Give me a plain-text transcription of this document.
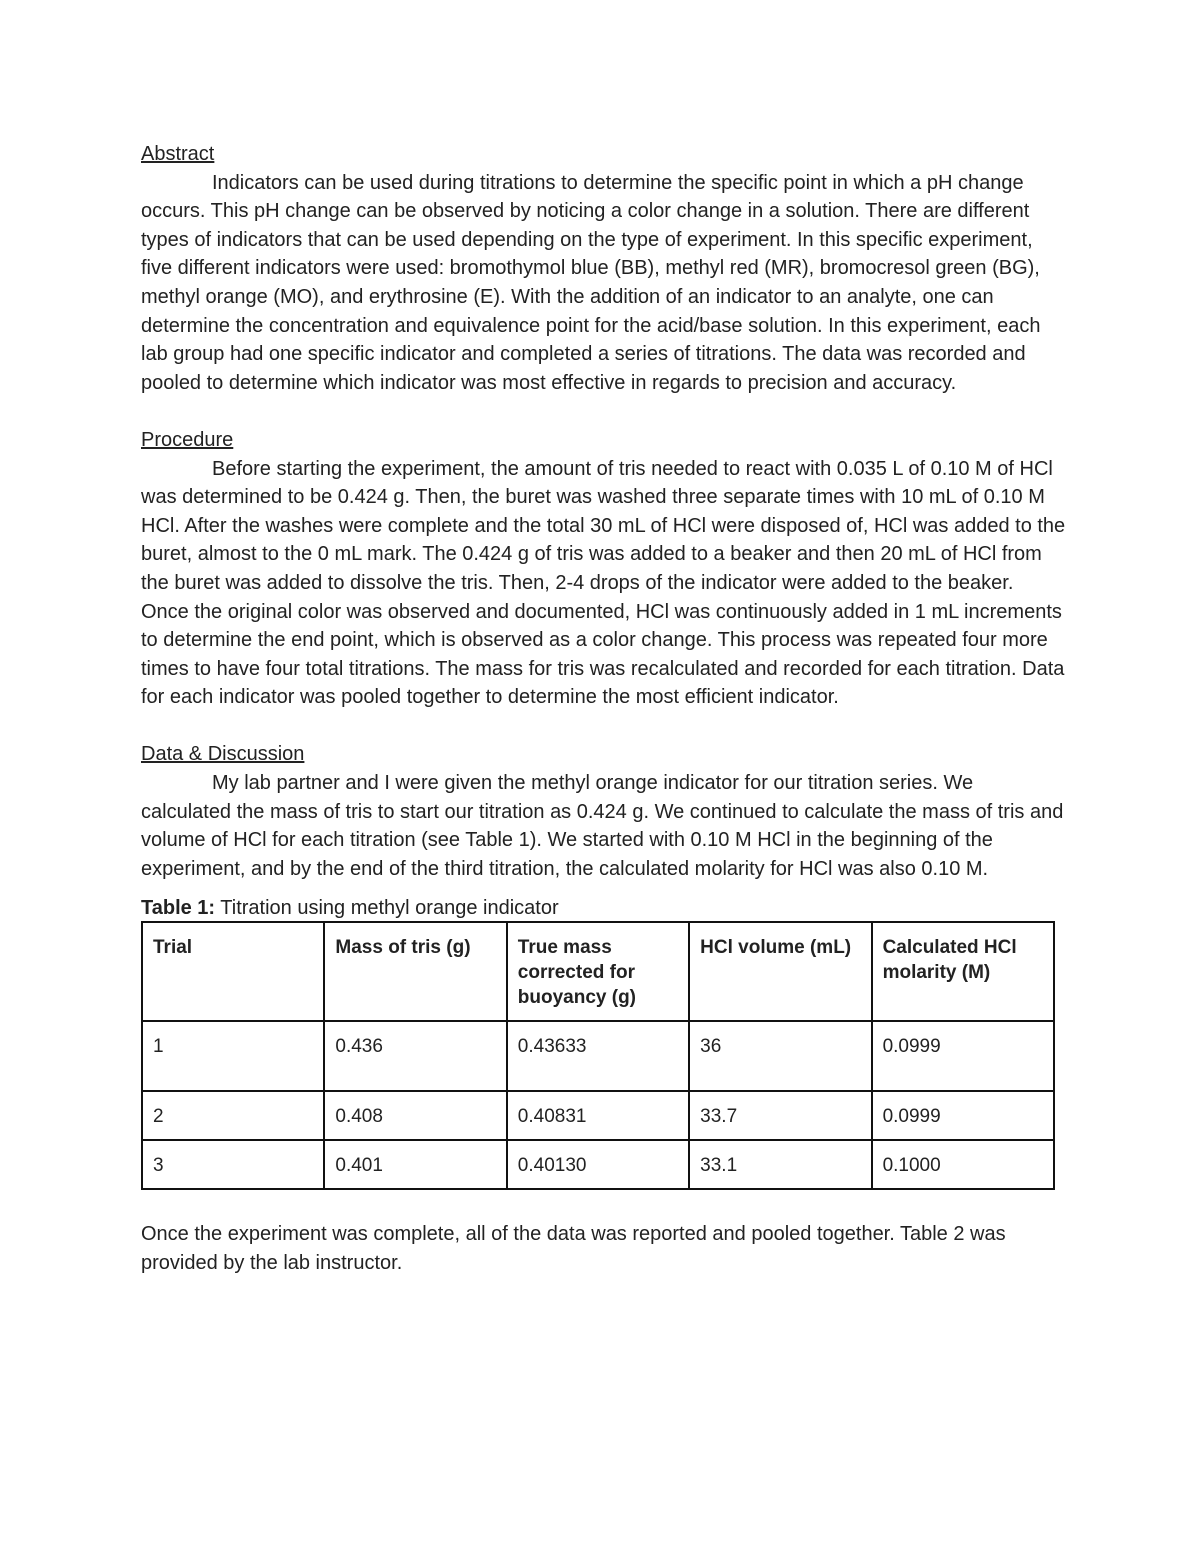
Abstract

Indicators can be used during titrations to determine the specific point in which a pH change occurs. This pH change can be observed by noticing a color change in a solution. There are different types of indicators that can be used depending on the type of experiment. In this specific experiment, five different indicators were used: bromothymol blue (BB), methyl red (MR), bromocresol green (BG), methyl orange (MO), and erythrosine (E). With the addition of an indicator to an analyte, one can determine the concentration and equivalence point for the acid/base solution. In this experiment, each lab group had one specific indicator and completed a series of titrations. The data was recorded and pooled to determine which indicator was most effective in regards to precision and accuracy.

Procedure

Before starting the experiment, the amount of tris needed to react with 0.035 L of 0.10 M of HCl was determined to be 0.424 g. Then, the buret was washed three separate times with 10 mL of 0.10 M HCl. After the washes were complete and the total 30 mL of HCl were disposed of, HCl was added to the buret, almost to the 0 mL mark. The 0.424 g of tris was added to a beaker and then 20 mL of HCl from the buret was added to dissolve the tris. Then, 2-4 drops of the indicator were added to the beaker. Once the original color was observed and documented, HCl was continuously added in 1 mL increments to determine the end point, which is observed as a color change. This process was repeated four more times to have four total titrations. The mass for tris was recalculated and recorded for each titration. Data for each indicator was pooled together to determine the most efficient indicator.

Data & Discussion

My lab partner and I were given the methyl orange indicator for our titration series. We calculated the mass of tris to start our titration as 0.424 g. We continued to calculate the mass of tris and volume of HCl for each titration (see Table 1). We started with 0.10 M HCl in the beginning of the experiment, and by the end of the third titration, the calculated molarity for HCl was also 0.10 M.

Table 1: Titration using methyl orange indicator

Trial	Mass of tris (g)	True mass corrected for buoyancy (g)	HCl volume (mL)	Calculated HCl molarity (M)
1	0.436	0.43633	36	0.0999
2	0.408	0.40831	33.7	0.0999
3	0.401	0.40130	33.1	0.1000

Once the experiment was complete, all of the data was reported and pooled together. Table 2 was provided by the lab instructor.
